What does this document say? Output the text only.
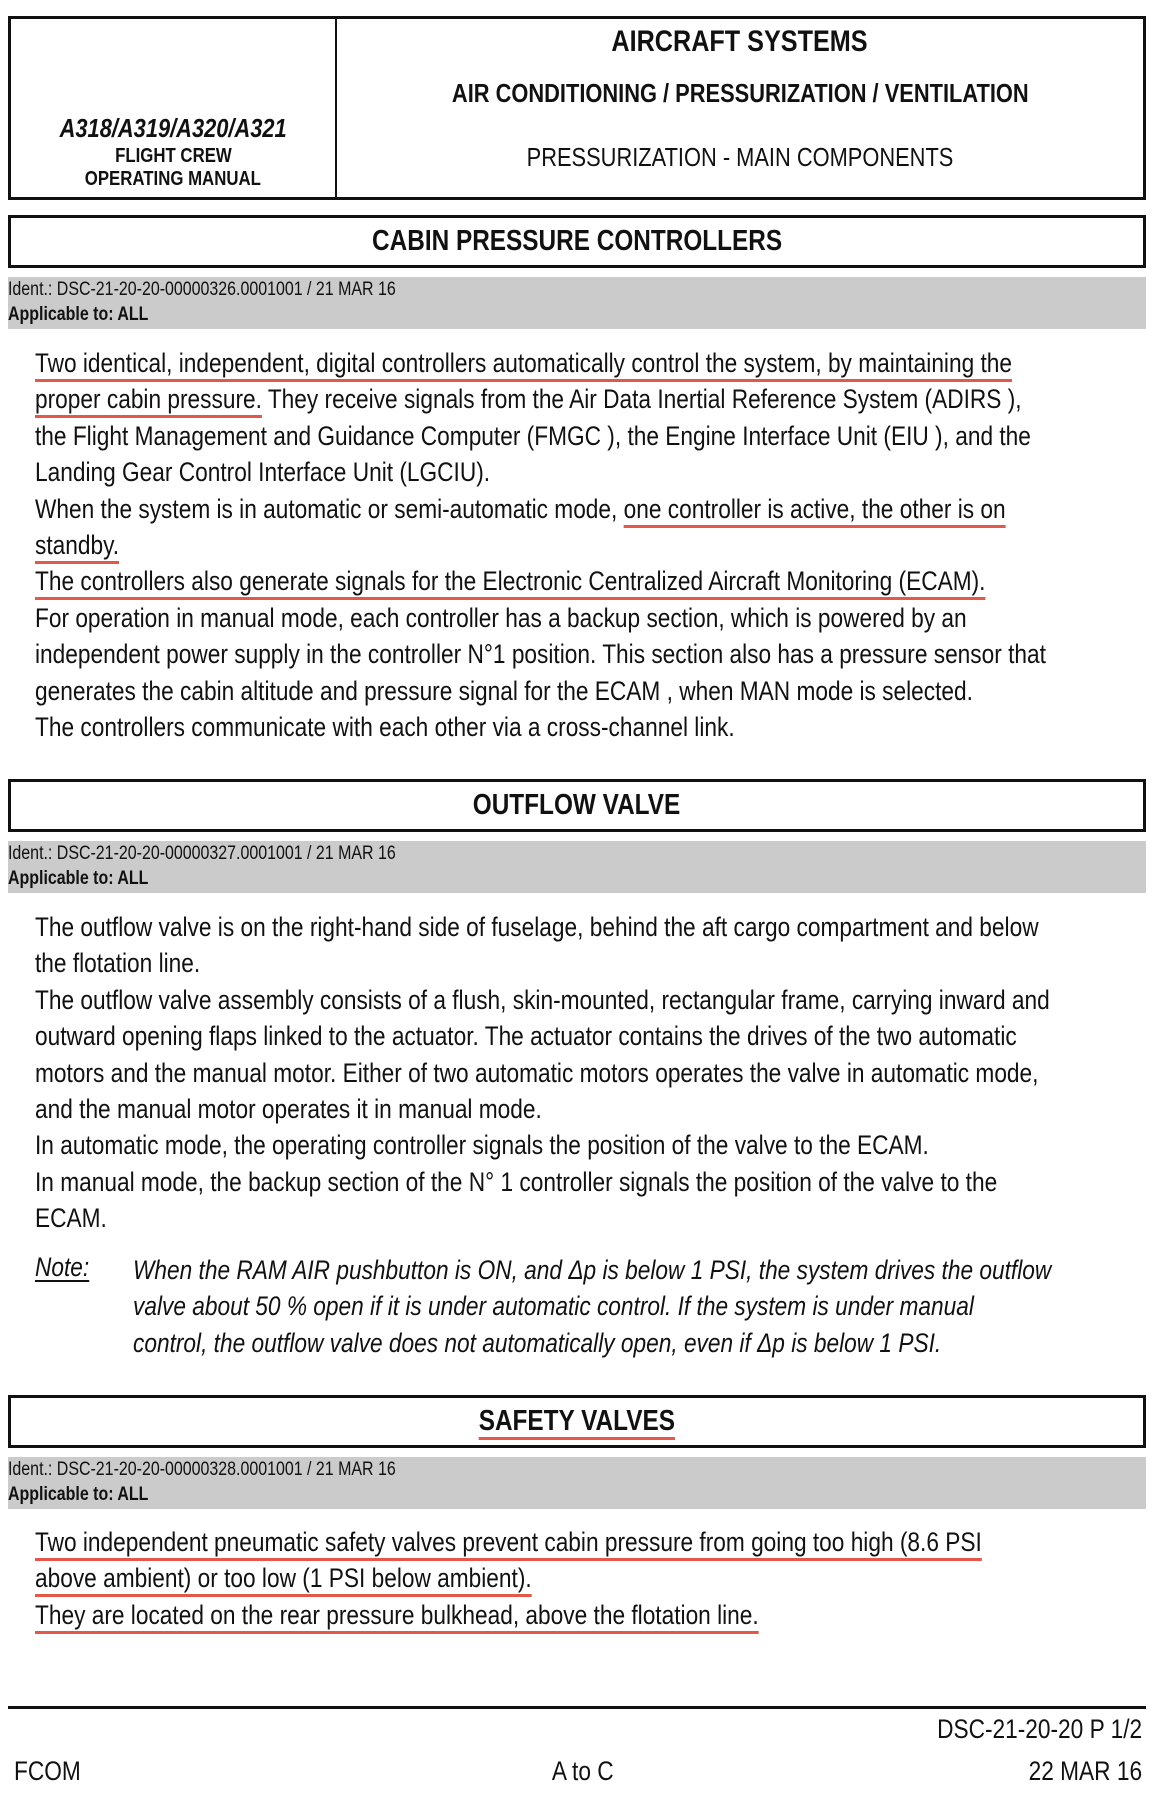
A318/A319/A320/A321
FLIGHT CREW
OPERATING MANUAL
AIRCRAFT SYSTEMS
AIR CONDITIONING / PRESSURIZATION / VENTILATION
PRESSURIZATION - MAIN COMPONENTS
CABIN PRESSURE CONTROLLERS
Ident.: DSC-21-20-20-00000326.0001001 / 21 MAR 16
Applicable to: ALL
Two identical, independent, digital controllers automatically control the system, by maintaining the
proper cabin pressure. They receive signals from the Air Data Inertial Reference System (ADIRS ),
the Flight Management and Guidance Computer (FMGC ), the Engine Interface Unit (EIU ), and the
Landing Gear Control Interface Unit (LGCIU).
When the system is in automatic or semi-automatic mode, one controller is active, the other is on
standby.
The controllers also generate signals for the Electronic Centralized Aircraft Monitoring (ECAM).
For operation in manual mode, each controller has a backup section, which is powered by an
independent power supply in the controller N°1 position. This section also has a pressure sensor that
generates the cabin altitude and pressure signal for the ECAM , when MAN mode is selected.
The controllers communicate with each other via a cross-channel link.
OUTFLOW VALVE
Ident.: DSC-21-20-20-00000327.0001001 / 21 MAR 16
Applicable to: ALL
The outflow valve is on the right-hand side of fuselage, behind the aft cargo compartment and below
the flotation line.
The outflow valve assembly consists of a flush, skin-mounted, rectangular frame, carrying inward and
outward opening flaps linked to the actuator. The actuator contains the drives of the two automatic
motors and the manual motor. Either of two automatic motors operates the valve in automatic mode,
and the manual motor operates it in manual mode.
In automatic mode, the operating controller signals the position of the valve to the ECAM.
In manual mode, the backup section of the N° 1 controller signals the position of the valve to the
ECAM.
Note:	When the RAM AIR pushbutton is ON, and Δp is below 1 PSI, the system drives the outflow
valve about 50 % open if it is under automatic control. If the system is under manual
control, the outflow valve does not automatically open, even if Δp is below 1 PSI.
SAFETY VALVES
Ident.: DSC-21-20-20-00000328.0001001 / 21 MAR 16
Applicable to: ALL
Two independent pneumatic safety valves prevent cabin pressure from going too high (8.6 PSI
above ambient) or too low (1 PSI below ambient).
They are located on the rear pressure bulkhead, above the flotation line.
DSC-21-20-20 P 1/2
FCOM	A to C	22 MAR 16
